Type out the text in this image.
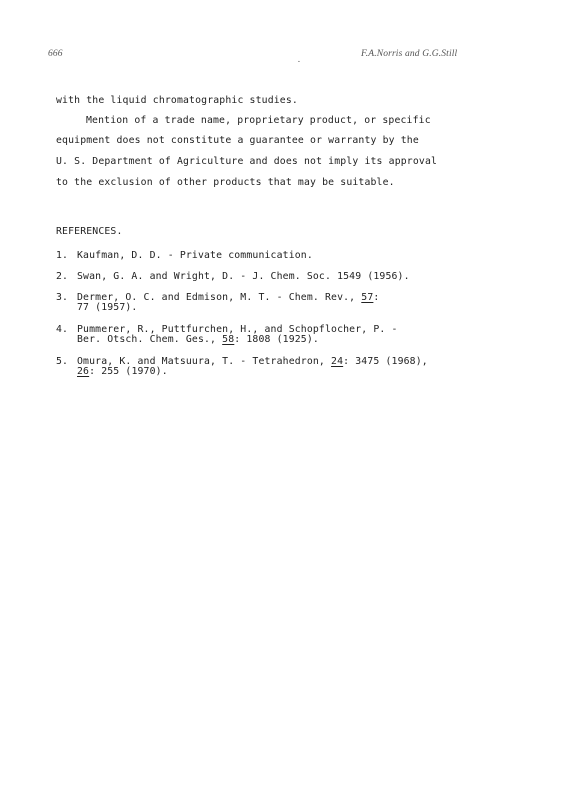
666
.
F.A.Norris and G.G.Still
with the liquid chromatographic studies.
Mention of a trade name, proprietary product, or specific
equipment does not constitute a guarantee or warranty by the
U. S. Department of Agriculture and does not imply its approval
to the exclusion of other products that may be suitable.
REFERENCES.
1. Kaufman, D. D. - Private communication.
2. Swan, G. A. and Wright, D. - J. Chem. Soc. 1549 (1956).
3. Dermer, O. C. and Edmison, M. T. - Chem. Rev., 57:
77 (1957).
4. Pummerer, R., Puttfurchen, H., and Schopflocher, P. -
Ber. Otsch. Chem. Ges., 58: 1808 (1925).
5. Omura, K. and Matsuura, T. - Tetrahedron, 24: 3475 (1968),
26: 255 (1970).
